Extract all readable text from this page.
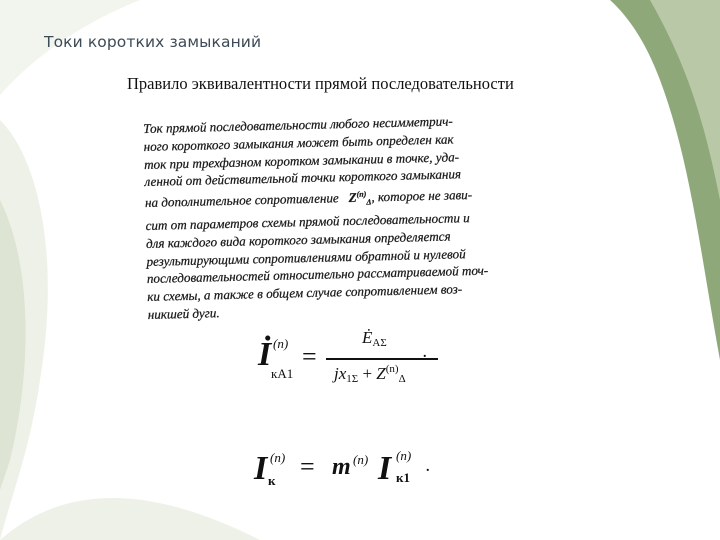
Токи коротких замыканий
Правило эквивалентности прямой последовательности
Ток прямой последовательности любого несимметрич-
ного короткого замыкания может быть определен как
ток при трехфазном коротком замыкании в точке, уда-
ленной от действительной точки короткого замыкания
на дополнительное сопротивление $Z^{(n)}_\Delta$, которое не зави-
сит от параметров схемы прямой последовательности и
для каждого вида короткого замыкания определяется
результирующими сопротивлениями обратной и нулевой
последовательностей относительно рассматриваемой точ-
ки схемы, а также в общем случае сопротивлением воз-
никшей дуги.
İ (n)
кA1
=
$Ė_{A\Sigma}$
$jx_{1\Sigma} + Z^{(n)}_\Delta$
.
I (n)
к = m (n) I (n)
к1
.
